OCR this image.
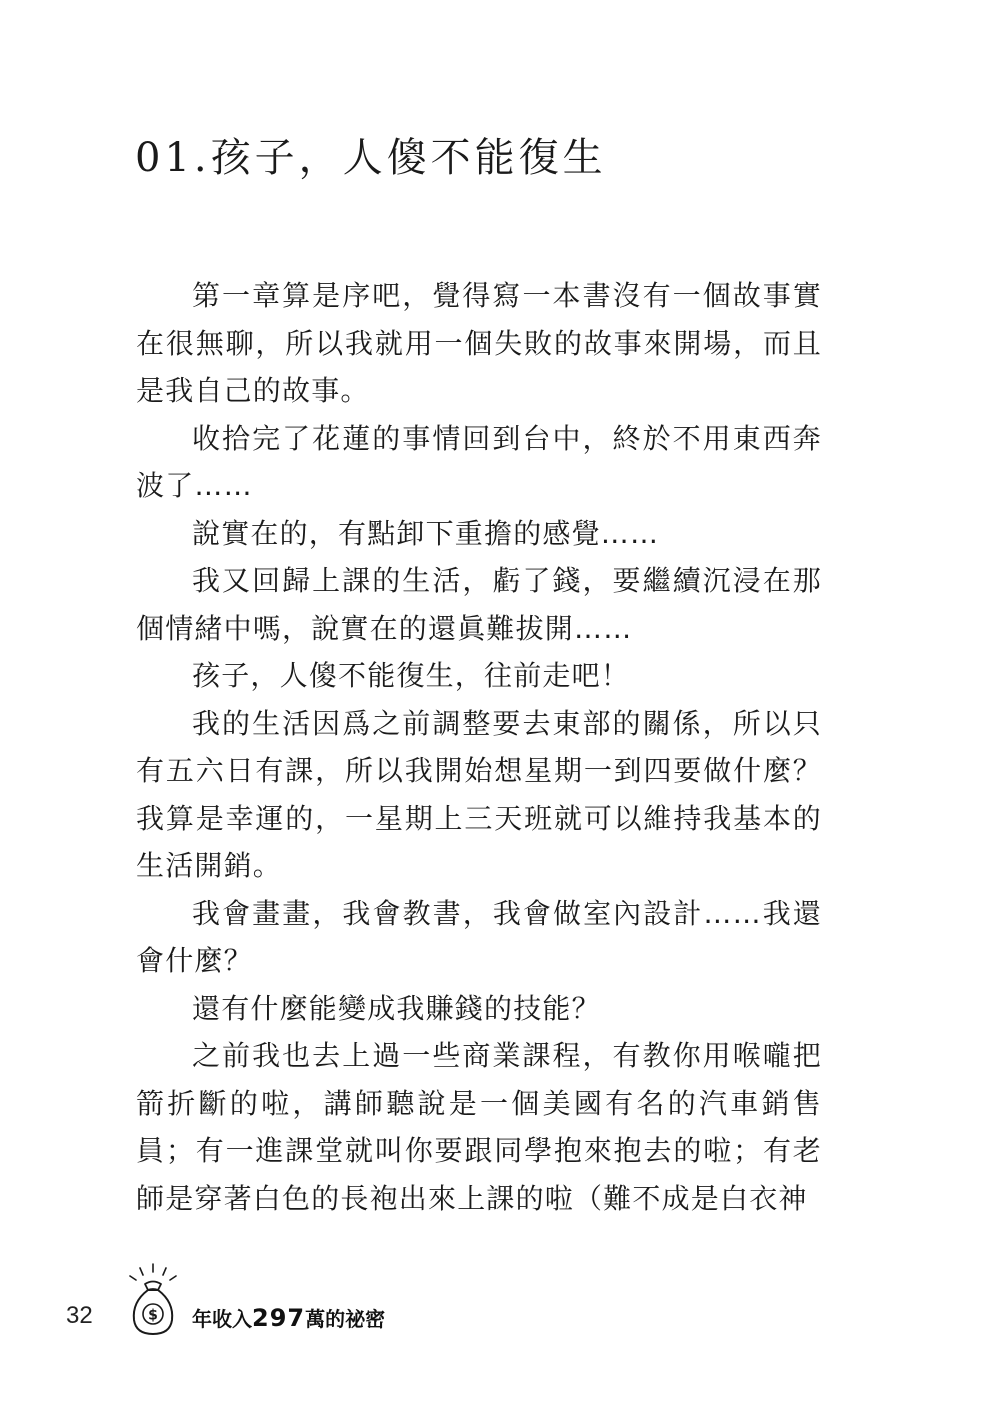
01.孩子，人傻不能復生

第一章算是序吧，覺得寫一本書沒有一個故事實在很無聊，所以我就用一個失敗的故事來開場，而且是我自己的故事。

收拾完了花蓮的事情回到台中，終於不用東西奔波了……

說實在的，有點卸下重擔的感覺……

我又回歸上課的生活，虧了錢，要繼續沉浸在那個情緒中嗎，說實在的還眞難拔開……

孩子，人傻不能復生，往前走吧！

我的生活因爲之前調整要去東部的關係，所以只有五六日有課，所以我開始想星期一到四要做什麼？我算是幸運的，一星期上三天班就可以維持我基本的生活開銷。

我會畫畫，我會教書，我會做室內設計……我還會什麼？

還有什麼能變成我賺錢的技能？

之前我也去上過一些商業課程，有教你用喉嚨把箭折斷的啦，講師聽說是一個美國有名的汽車銷售員；有一進課堂就叫你要跟同學抱來抱去的啦；有老師是穿著白色的長袍出來上課的啦（難不成是白衣神

32	$ 年收入297萬的祕密
